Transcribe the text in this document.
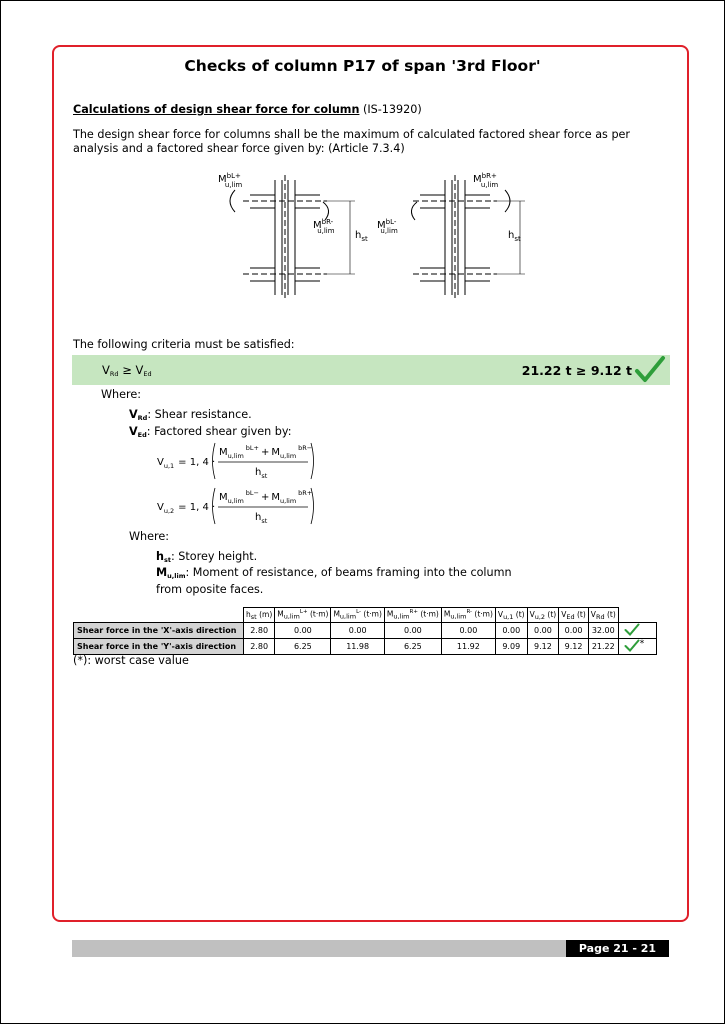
Checks of column P17 of span '3rd Floor'
Calculations of design shear force for column (IS-13920)
The design shear force for columns shall be the maximum of calculated factored shear force as per analysis and a factored shear force given by: (Article 7.3.4)
$M^{bL+}$ u,lim
$M^{bR-}u,\lim$ $h_{st}$
$M^{bR+}$ u,lim
$M^{bL-}u,\lim$	$h_{st}$
The following criteria must be satisfied:
$V_{Rd} \ge V_{Ed}$	21.22 t ≥ 9.12 t
Where:
$V_{Rd}$: Shear resistance.
$V_{Ed}$: Factored shear given by:
$V_{u,1} = 1$, 4 ·
$M_{u,lim}^{bL+} + M_{u,lim}^{bR-}$
$h_{st}$
$V_{u,2} = 1$, 4 ·
$M_{u,lim}^{bL-} + M_{u,lim}^{bR+}$
$h_{st}$
Where:
$h_{st}$: Storey height.
$M_{u,lim}$: Moment of resistance, of beams framing into the column
from oposite faces.
	$h_{st}$ (m)	$M_{u,lim}^{L+}$ (t·m)	$M_{u,lim}^{L-}$ (t·m)	$M_{u,lim}^{R+}$ (t·m)	$M_{u,lim}^{R-}$ (t·m)	$V_{u,1}$ (t)	$V_{u,2}$ (t)	$V_{Ed}$ (t)	$V_{Rd}$ (t)	
Shear force in the 'X'-axis direction	2.80	0.00	0.00	0.00	0.00	0.00	0.00	0.00	32.00	
Shear force in the 'Y'-axis direction	2.80	6.25	11.98	6.25	11.92	9.09	9.12	9.12	21.22	*
(*): worst case value
Page 21 - 21
